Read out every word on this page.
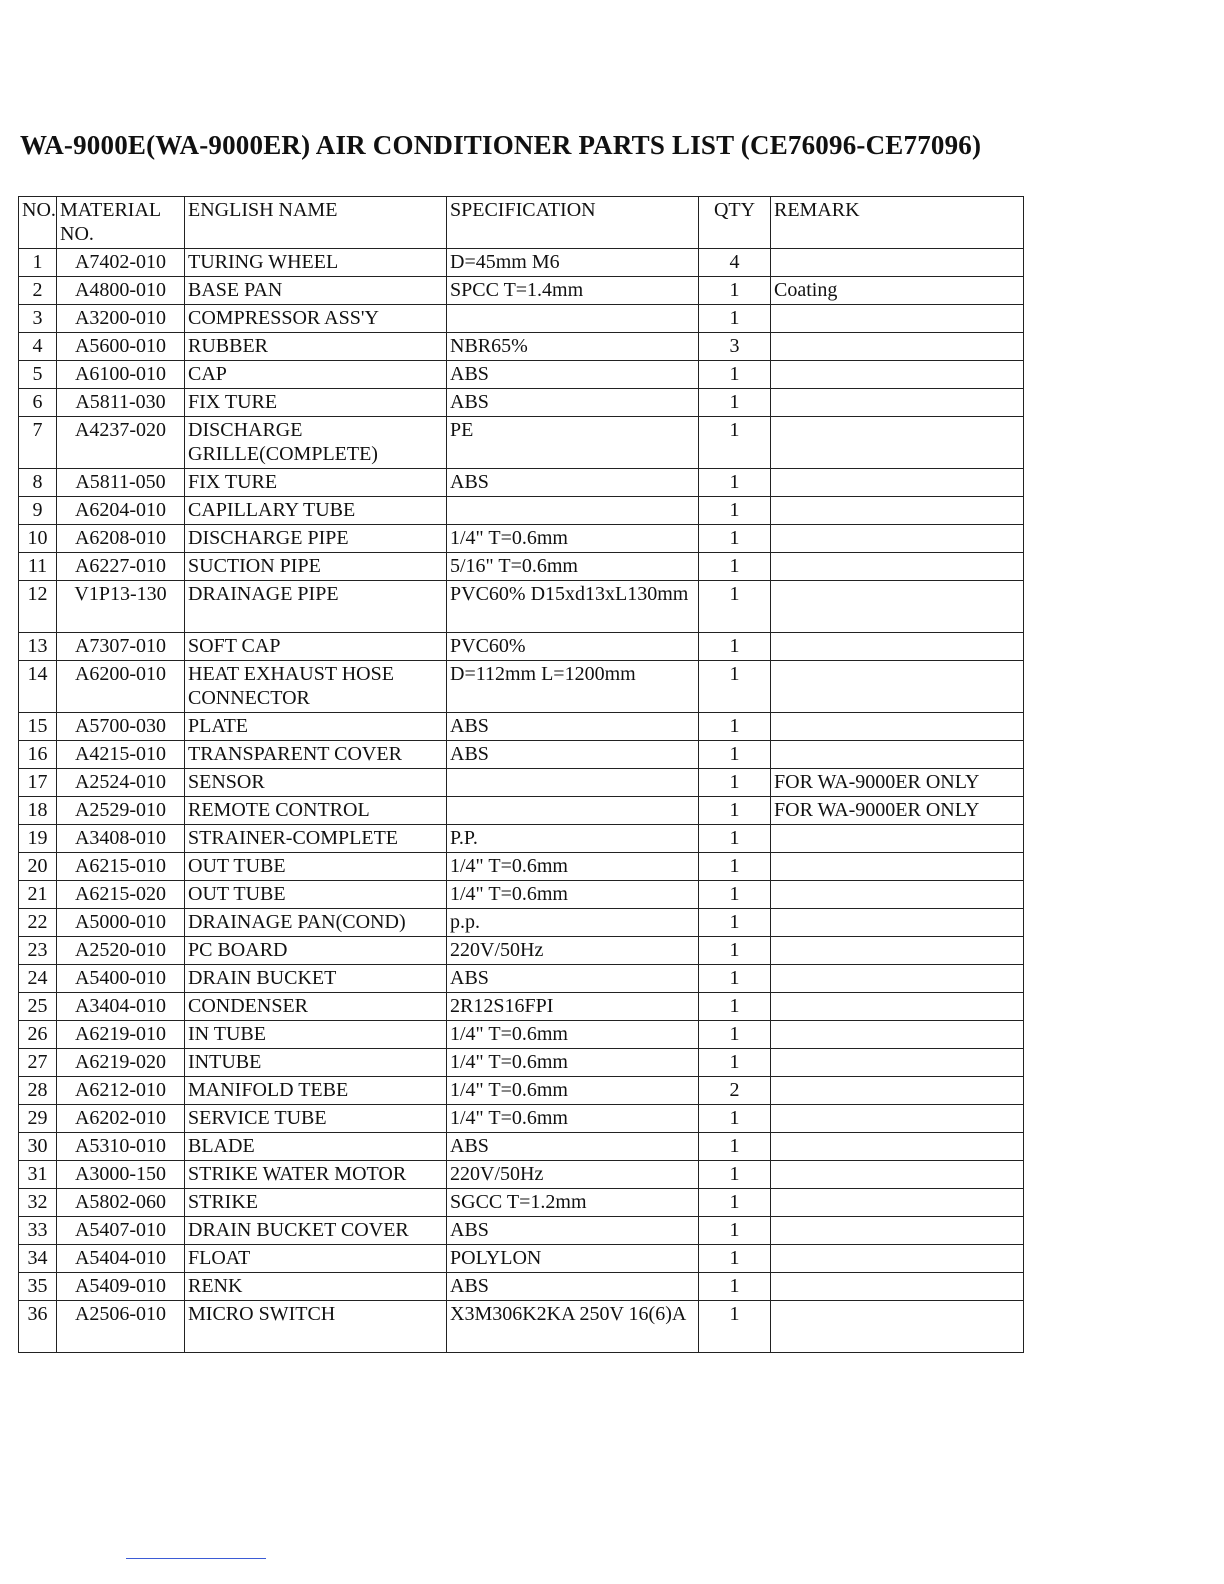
WA-9000E(WA-9000ER) AIR CONDITIONER PARTS LIST (CE76096-CE77096)
NO.	MATERIAL NO.	ENGLISH NAME	SPECIFICATION	QTY	REMARK
1	A7402-010	TURING WHEEL	D=45mm M6	4	
2	A4800-010	BASE PAN	SPCC T=1.4mm	1	Coating
3	A3200-010	COMPRESSOR ASS'Y		1	
4	A5600-010	RUBBER	NBR65%	3	
5	A6100-010	CAP	ABS	1	
6	A5811-030	FIX TURE	ABS	1	
7	A4237-020	DISCHARGE GRILLE(COMPLETE)	PE	1	
8	A5811-050	FIX TURE	ABS	1	
9	A6204-010	CAPILLARY TUBE		1	
10	A6208-010	DISCHARGE PIPE	1/4" T=0.6mm	1	
11	A6227-010	SUCTION PIPE	5/16" T=0.6mm	1	
12	V1P13-130	DRAINAGE PIPE	PVC60% D15xd13xL130mm	1	
13	A7307-010	SOFT CAP	PVC60%	1	
14	A6200-010	HEAT EXHAUST HOSE CONNECTOR	D=112mm L=1200mm	1	
15	A5700-030	PLATE	ABS	1	
16	A4215-010	TRANSPARENT COVER	ABS	1	
17	A2524-010	SENSOR		1	FOR WA-9000ER ONLY
18	A2529-010	REMOTE CONTROL		1	FOR WA-9000ER ONLY
19	A3408-010	STRAINER-COMPLETE	P.P.	1	
20	A6215-010	OUT TUBE	1/4" T=0.6mm	1	
21	A6215-020	OUT TUBE	1/4" T=0.6mm	1	
22	A5000-010	DRAINAGE PAN(COND)	p.p.	1	
23	A2520-010	PC BOARD	220V/50Hz	1	
24	A5400-010	DRAIN BUCKET	ABS	1	
25	A3404-010	CONDENSER	2R12S16FPI	1	
26	A6219-010	IN TUBE	1/4" T=0.6mm	1	
27	A6219-020	INTUBE	1/4" T=0.6mm	1	
28	A6212-010	MANIFOLD TEBE	1/4" T=0.6mm	2	
29	A6202-010	SERVICE TUBE	1/4" T=0.6mm	1	
30	A5310-010	BLADE	ABS	1	
31	A3000-150	STRIKE WATER MOTOR	220V/50Hz	1	
32	A5802-060	STRIKE	SGCC T=1.2mm	1	
33	A5407-010	DRAIN BUCKET COVER	ABS	1	
34	A5404-010	FLOAT	POLYLON	1	
35	A5409-010	RENK	ABS	1	
36	A2506-010	MICRO SWITCH	X3M306K2KA 250V 16(6)A	1	
